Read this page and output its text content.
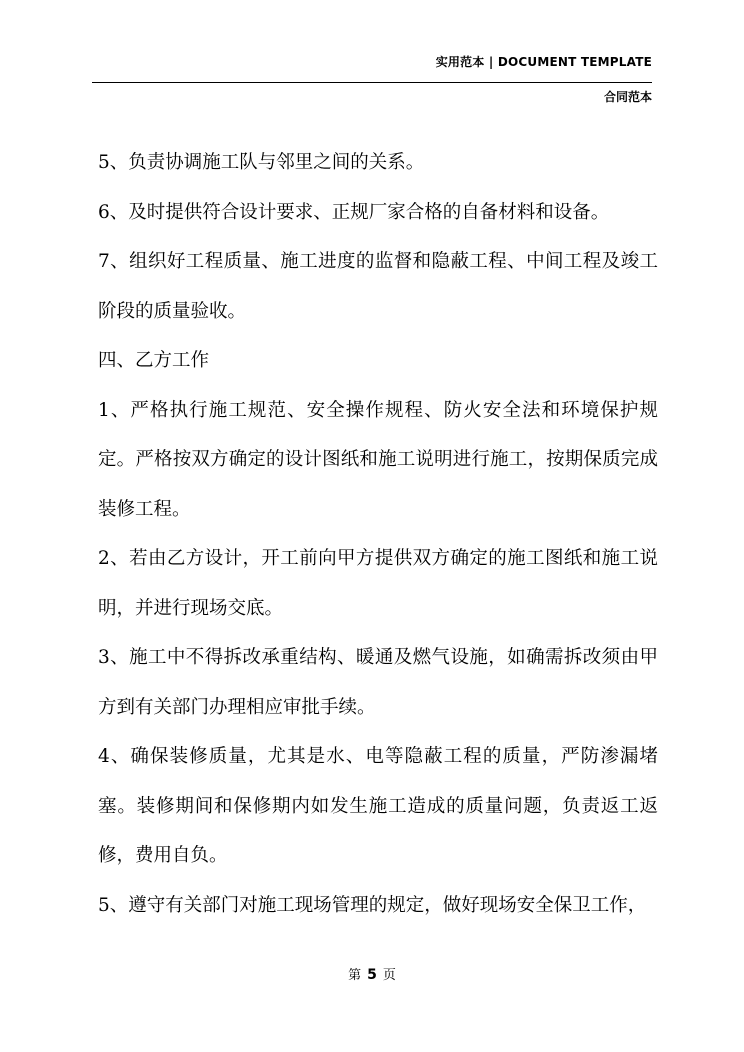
实用范本 | DOCUMENT TEMPLATE
合同范本

5、负责协调施工队与邻里之间的关系。

6、及时提供符合设计要求、正规厂家合格的自备材料和设备。

7、组织好工程质量、施工进度的监督和隐蔽工程、中间工程及竣工阶段的质量验收。

四、乙方工作

1、严格执行施工规范、安全操作规程、防火安全法和环境保护规定。严格按双方确定的设计图纸和施工说明进行施工，按期保质完成装修工程。

2、若由乙方设计，开工前向甲方提供双方确定的施工图纸和施工说明，并进行现场交底。

3、施工中不得拆改承重结构、暖通及燃气设施，如确需拆改须由甲方到有关部门办理相应审批手续。

4、确保装修质量，尤其是水、电等隐蔽工程的质量，严防渗漏堵塞。装修期间和保修期内如发生施工造成的质量问题，负责返工返修，费用自负。

5、遵守有关部门对施工现场管理的规定，做好现场安全保卫工作，

第 5 页
